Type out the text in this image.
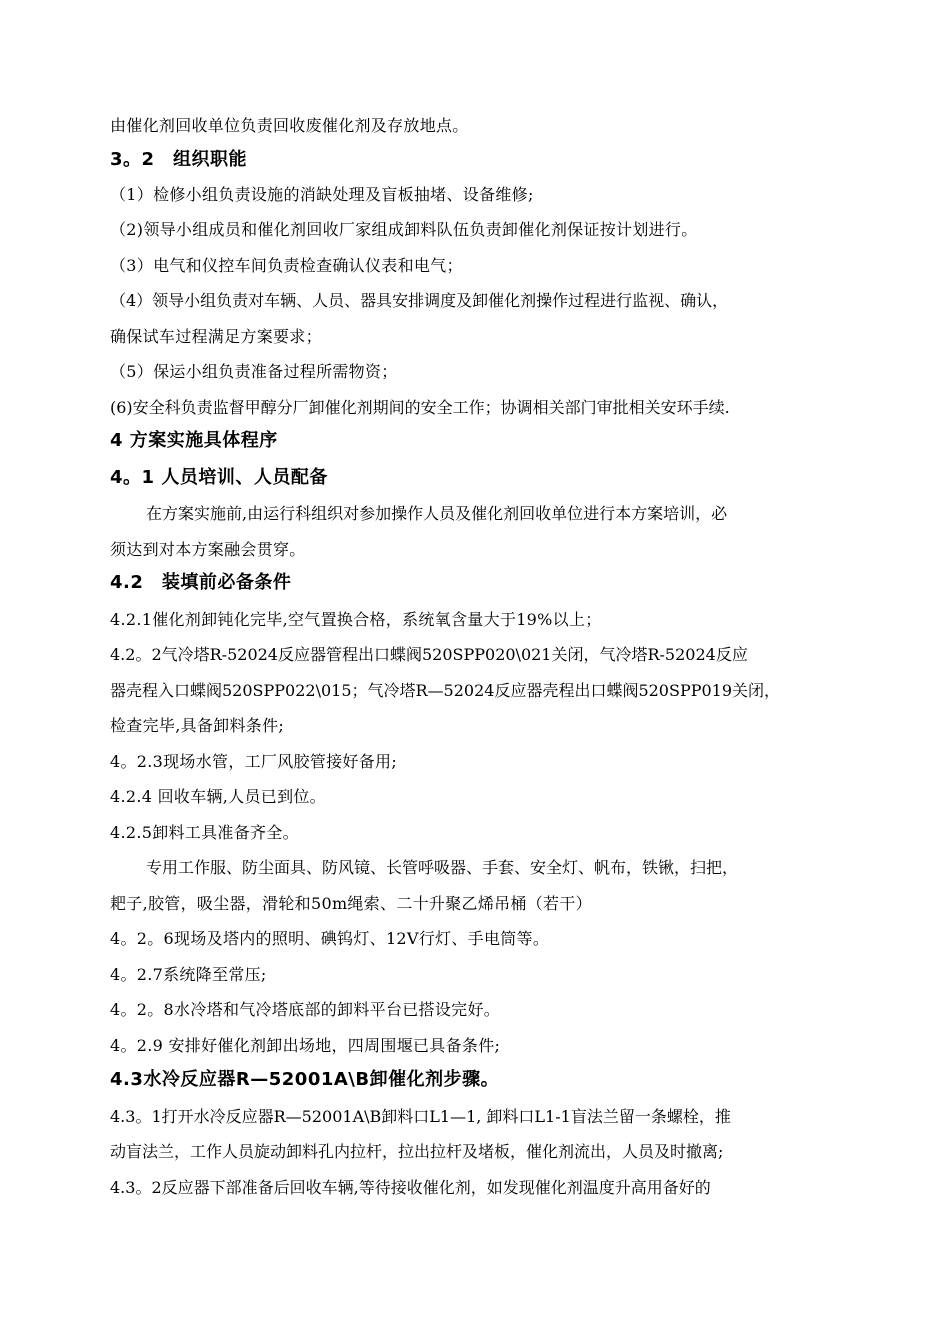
由催化剂回收单位负责回收废催化剂及存放地点。
3。2　组织职能
（1）检修小组负责设施的消缺处理及盲板抽堵、设备维修;
（2)领导小组成员和催化剂回收厂家组成卸料队伍负责卸催化剂保证按计划进行。
（3）电气和仪控车间负责检查确认仪表和电气；
（4）领导小组负责对车辆、人员、器具安排调度及卸催化剂操作过程进行监视、确认，
确保试车过程满足方案要求；
（5）保运小组负责准备过程所需物资；
(6)安全科负责监督甲醇分厂卸催化剂期间的安全工作；协调相关部门审批相关安环手续.
4 方案实施具体程序
4。1 人员培训、人员配备
在方案实施前,由运行科组织对参加操作人员及催化剂回收单位进行本方案培训，必
须达到对本方案融会贯穿。
4.2　装填前必备条件
4.2.1催化剂卸钝化完毕,空气置换合格，系统氧含量大于19%以上；
4.2。2气冷塔R-52024反应器管程出口蝶阀520SPP020\021关闭，气冷塔R-52024反应
器壳程入口蝶阀520SPP022\015；气冷塔R—52024反应器壳程出口蝶阀520SPP019关闭，
检查完毕,具备卸料条件;
4。2.3现场水管，工厂风胶管接好备用;
4.2.4 回收车辆,人员已到位。
4.2.5卸料工具准备齐全。
专用工作服、防尘面具、防风镜、长管呼吸器、手套、安全灯、帆布，铁锹，扫把，
耙子,胶管，吸尘器，滑轮和50m绳索、二十升聚乙烯吊桶（若干）
4。2。6现场及塔内的照明、碘钨灯、12V行灯、手电筒等。
4。2.7系统降至常压;
4。2。8水冷塔和气冷塔底部的卸料平台已搭设完好。
4。2.9 安排好催化剂卸出场地，四周围堰已具备条件;
4.3水冷反应器R—52001A\B卸催化剂步骤。
4.3。1打开水冷反应器R—52001A\B卸料口L1—1, 卸料口L1-1盲法兰留一条螺栓，推
动盲法兰，工作人员旋动卸料孔内拉杆，拉出拉杆及堵板，催化剂流出，人员及时撤离;
4.3。2反应器下部准备后回收车辆,等待接收催化剂，如发现催化剂温度升高用备好的
